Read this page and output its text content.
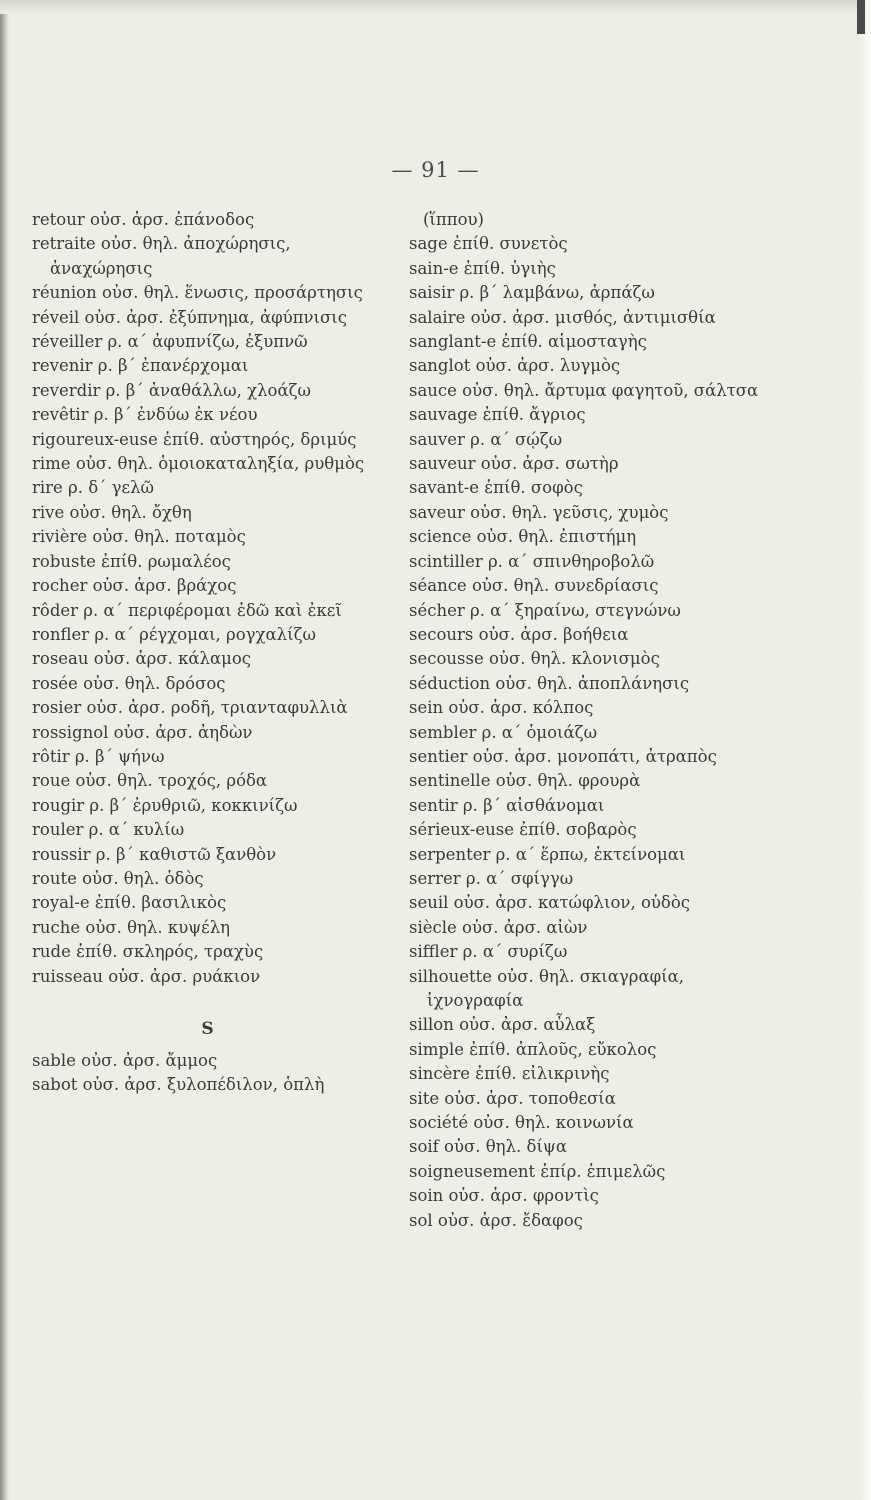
— 91 —
retour οὐσ. ἀρσ. ἐπάνοδος
retraite οὐσ. θηλ. ἀποχώρησις, ἀναχώρησις
réunion οὐσ. θηλ. ἕνωσις, προσάρτησις
réveil οὐσ. ἀρσ. ἐξύπνημα, ἀφύπνισις
réveiller ρ. α΄ ἀφυπνίζω, ἐξυπνῶ
revenir ρ. β΄ ἐπανέρχομαι
reverdir ρ. β΄ ἀναθάλλω, χλοάζω
revêtir ρ. β΄ ἐνδύω ἐκ νέου
rigoureux-euse ἐπίθ. αὐστηρός, δριμύς
rime οὐσ. θηλ. ὁμοιοκαταληξία, ρυθμὸς
rire ρ. δ΄ γελῶ
rive οὐσ. θηλ. ὄχθη
rivière οὐσ. θηλ. ποταμὸς
robuste ἐπίθ. ρωμαλέος
rocher οὐσ. ἀρσ. βράχος
rôder ρ. α΄ περιφέρομαι ἐδῶ καὶ ἐκεῖ
ronfler ρ. α΄ ρέγχομαι, ρογχαλίζω
roseau οὐσ. ἀρσ. κάλαμος
rosée οὐσ. θηλ. δρόσος
rosier οὐσ. ἀρσ. ροδῆ, τριανταφυλλιὰ
rossignol οὐσ. ἀρσ. ἀηδὼν
rôtir ρ. β΄ ψήνω
roue οὐσ. θηλ. τροχός, ρόδα
rougir ρ. β΄ ἐρυθριῶ, κοκκινίζω
rouler ρ. α΄ κυλίω
roussir ρ. β΄ καθιστῶ ξανθὸν
route οὐσ. θηλ. ὁδὸς
royal-e ἐπίθ. βασιλικὸς
ruche οὐσ. θηλ. κυψέλη
rude ἐπίθ. σκληρός, τραχὺς
ruisseau οὐσ. ἀρσ. ρυάκιον
S
sable οὐσ. ἀρσ. ἄμμος
sabot οὐσ. ἀρσ. ξυλοπέδιλον, ὁπλὴ
(ἵππου)
sage ἐπίθ. συνετὸς
sain-e ἐπίθ. ὑγιὴς
saisir ρ. β΄ λαμβάνω, ἁρπάζω
salaire οὐσ. ἀρσ. μισθός, ἀντιμισθία
sanglant-e ἐπίθ. αἱμοσταγὴς
sanglot οὐσ. ἀρσ. λυγμὸς
sauce οὐσ. θηλ. ἄρτυμα φαγητοῦ, σάλτσα
sauvage ἐπίθ. ἄγριος
sauver ρ. α΄ σῴζω
sauveur οὐσ. ἀρσ. σωτὴρ
savant-e ἐπίθ. σοφὸς
saveur οὐσ. θηλ. γεῦσις, χυμὸς
science οὐσ. θηλ. ἐπιστήμη
scintiller ρ. α΄ σπινθηροβολῶ
séance οὐσ. θηλ. συνεδρίασις
sécher ρ. α΄ ξηραίνω, στεγνώνω
secours οὐσ. ἀρσ. βοήθεια
secousse οὐσ. θηλ. κλονισμὸς
séduction οὐσ. θηλ. ἀποπλάνησις
sein οὐσ. ἀρσ. κόλπος
sembler ρ. α΄ ὁμοιάζω
sentier οὐσ. ἀρσ. μονοπάτι, ἀτραπὸς
sentinelle οὐσ. θηλ. φρουρὰ
sentir ρ. β΄ αἰσθάνομαι
sérieux-euse ἐπίθ. σοβαρὸς
serpenter ρ. α΄ ἕρπω, ἐκτείνομαι
serrer ρ. α΄ σφίγγω
seuil οὐσ. ἀρσ. κατώφλιον, οὐδὸς
siècle οὐσ. ἀρσ. αἰὼν
siffler ρ. α΄ συρίζω
silhouette οὐσ. θηλ. σκιαγραφία, ἰχνογραφία
sillon οὐσ. ἀρσ. αὖλαξ
simple ἐπίθ. ἁπλοῦς, εὔκολος
sincère ἐπίθ. εἰλικρινὴς
site οὐσ. ἀρσ. τοποθεσία
société οὐσ. θηλ. κοινωνία
soif οὐσ. θηλ. δίψα
soigneusement ἐπίρ. ἐπιμελῶς
soin οὐσ. ἀρσ. φροντὶς
sol οὐσ. ἀρσ. ἔδαφος
